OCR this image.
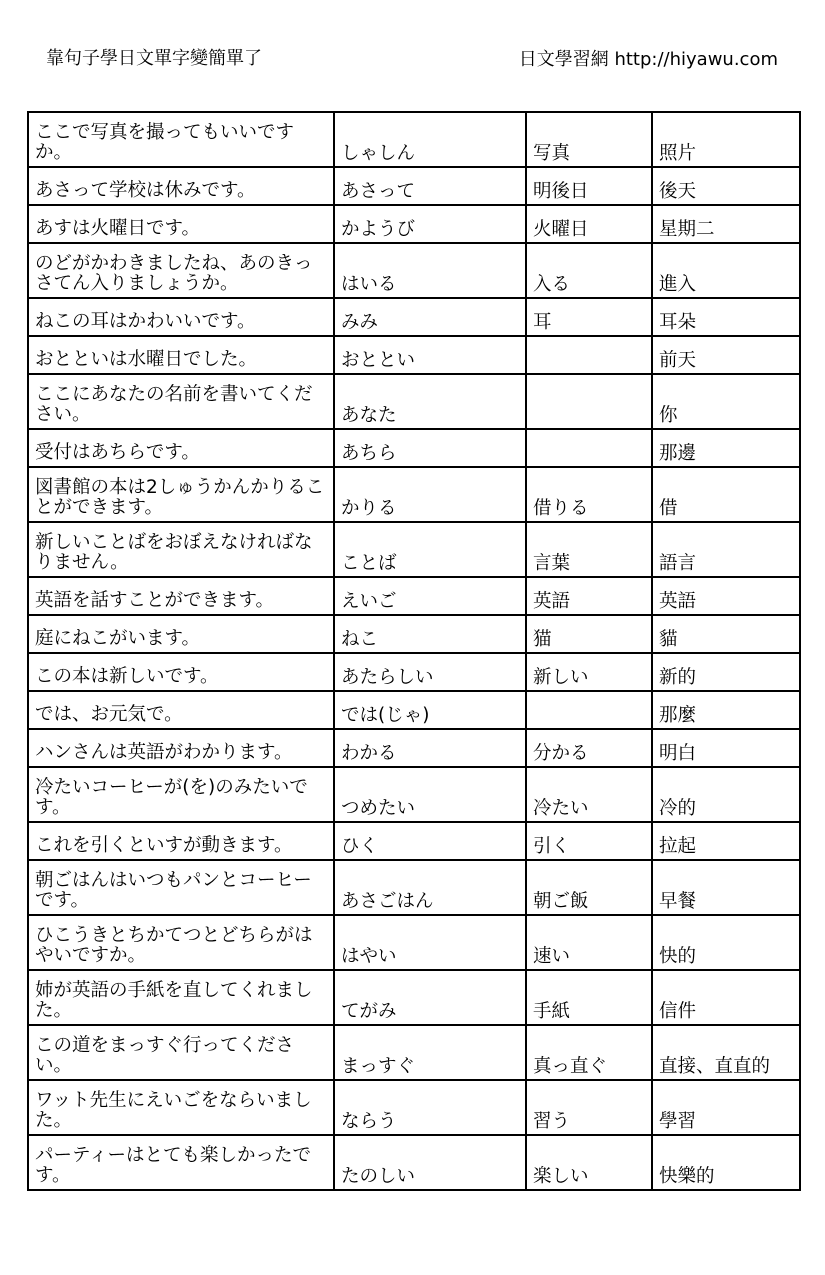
靠句子學日文單字變簡單了	日文學習網 http://hiyawu.com
ここで写真を撮ってもいいですか。	しゃしん	写真	照片
あさって学校は休みです。	あさって	明後日	後天
あすは火曜日です。	かようび	火曜日	星期二
のどがかわきましたね、あのきっさてん入りましょうか。	はいる	入る	進入
ねこの耳はかわいいです。	みみ	耳	耳朵
おとといは水曜日でした。	おととい		前天
ここにあなたの名前を書いてください。	あなた		你
受付はあちらです。	あちら		那邊
図書館の本は2しゅうかんかりることができます。	かりる	借りる	借
新しいことばをおぼえなければなりません。	ことば	言葉	語言
英語を話すことができます。	えいご	英語	英語
庭にねこがいます。	ねこ	猫	貓
この本は新しいです。	あたらしい	新しい	新的
では、お元気で。	では(じゃ)		那麼
ハンさんは英語がわかります。	わかる	分かる	明白
冷たいコーヒーが(を)のみたいです。	つめたい	冷たい	冷的
これを引くといすが動きます。	ひく	引く	拉起
朝ごはんはいつもパンとコーヒーです。	あさごはん	朝ご飯	早餐
ひこうきとちかてつとどちらがはやいですか。	はやい	速い	快的
姉が英語の手紙を直してくれました。	てがみ	手紙	信件
この道をまっすぐ行ってください。	まっすぐ	真っ直ぐ	直接、直直的
ワット先生にえいごをならいました。	ならう	習う	學習
パーティーはとても楽しかったです。	たのしい	楽しい	快樂的
